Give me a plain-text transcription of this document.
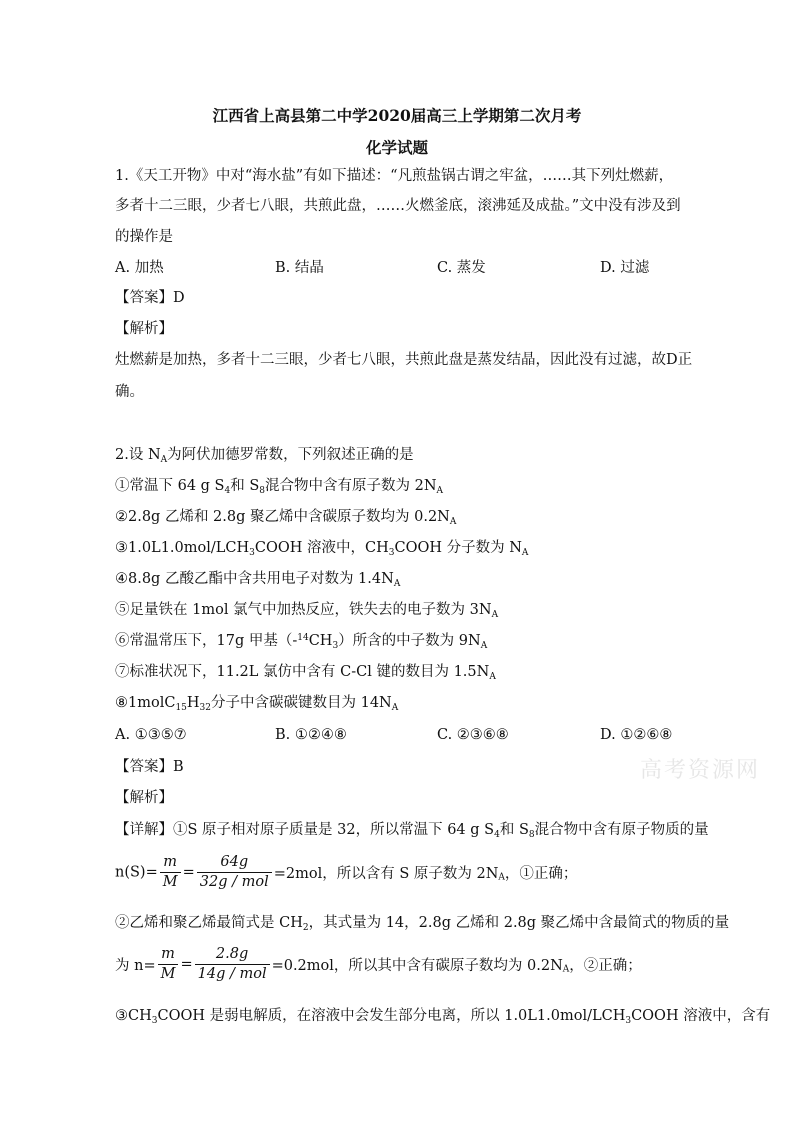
江西省上高县第二中学2020届高三上学期第二次月考
化学试题
1.《天工开物》中对“海水盐”有如下描述：“凡煎盐锅古谓之牢盆，……其下列灶燃薪，
多者十二三眼，少者七八眼，共煎此盘，……火燃釜底，滚沸延及成盐。”文中没有涉及到
的操作是
A. 加热	B. 结晶	C. 蒸发	D. 过滤
【答案】D
【解析】
灶燃薪是加热，多者十二三眼，少者七八眼，共煎此盘是蒸发结晶，因此没有过滤，故D正
确。
2.设 $N_A$为阿伏加德罗常数，下列叙述正确的是
①常温下 64 g $S_4$和 $S_8$混合物中含有原子数为 $2N_A$
②2.8g 乙烯和 2.8g 聚乙烯中含碳原子数均为 $0.2N_A$
$③1.0L1.0mol/LCH_3COOH$ 溶液中，$CH_3COOH$ 分子数为 $N_A$
④8.8g 乙酸乙酯中含共用电子对数为 $1.4N_A$
⑤足量铁在 1mol 氯气中加热反应，铁失去的电子数为 $3N_A$
⑥常温常压下，17g 甲基$(-^{14}CH_3)$所含的中子数为 $9N_A$
⑦标准状况下，11.2L 氯仿中含有 C-Cl 键的数目为 $1.5N_A$
$⑧1molC_{15}H_{32}$分子中含碳碳键数目为 $14N_A$
A. ①③⑤⑦	B. ①②④⑧	C. ②③⑥⑧	D. ①②⑥⑧
【答案】B
【解析】
【详解】①S 原子相对原子质量是 32，所以常温下 64 g $S_4$和 $S_8$混合物中含有原子物质的量
$n(S)= \frac{m}{M} = \frac{64g}{\text{32g / mol}} =2mol$，所以含有 S 原子数为 $2N_A$，①正确；
②乙烯和聚乙烯最简式是 $CH_2$，其式量为 14，2.8g 乙烯和 2.8g 聚乙烯中含最简式的物质的量
为 $n= \frac{m}{M} = \frac{2.8g}{\text{14g / mol}} =0.2mol$，所以其中含有碳原子数均为 $0.2N_A$，②正确；
$③CH_3COOH$ 是弱电解质，在溶液中会发生部分电离，所以 $1.0L1.0mol/LCH_3COOH$ 溶液中，含有
高考资源网
